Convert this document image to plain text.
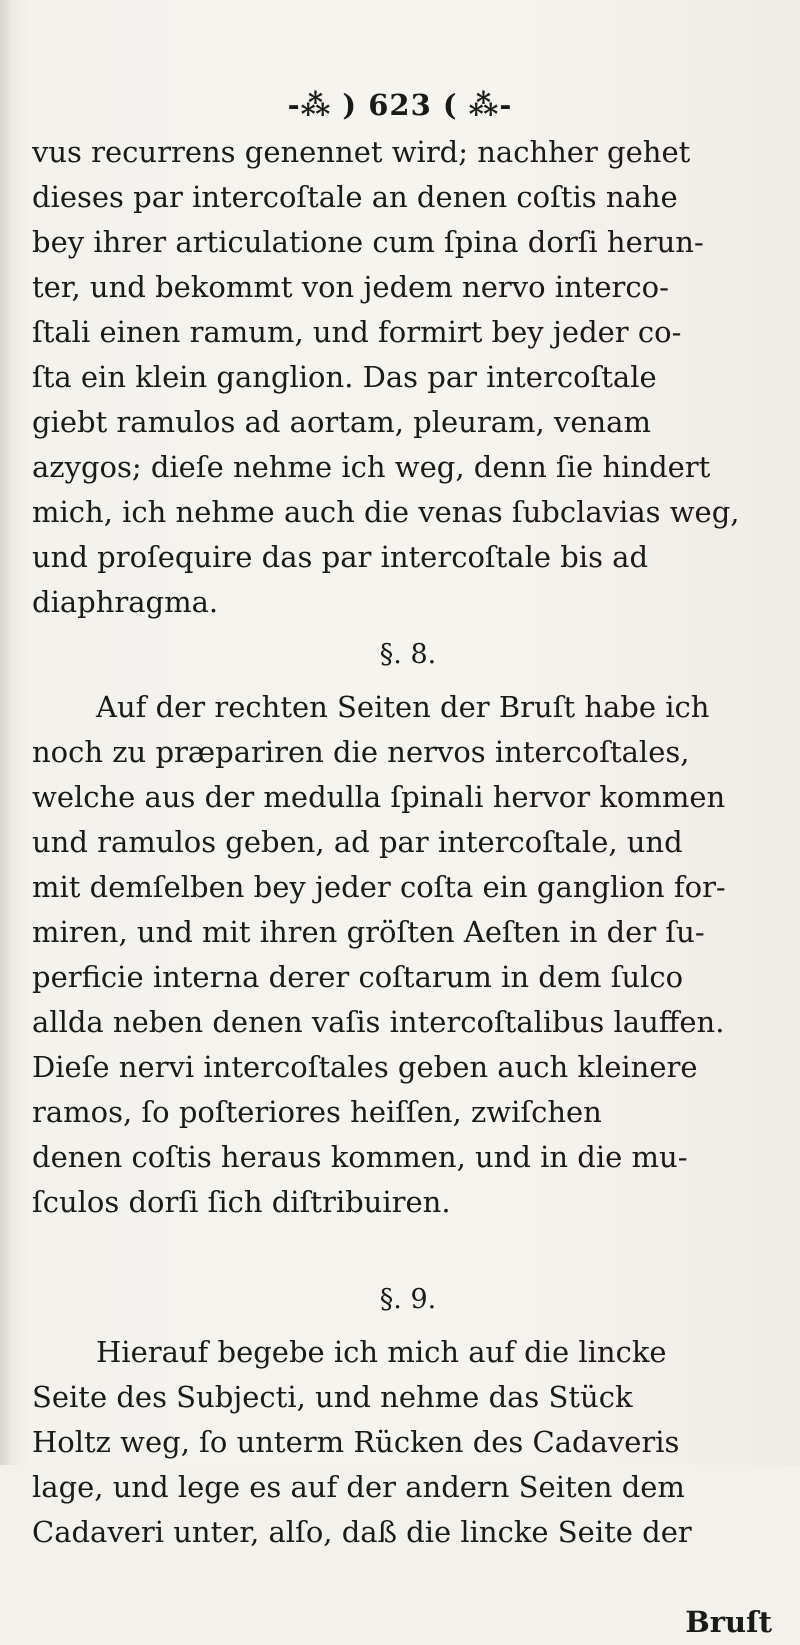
-⁂ ) 623 ( ⁂-
vus recurrens genennet wird; nachher gehet
dieses par intercoſtale an denen coſtis nahe
bey ihrer articulatione cum ſpina dorſi herun-
ter, und bekommt von jedem nervo interco-
ſtali einen ramum, und formirt bey jeder co-
ſta ein klein ganglion. Das par intercoſtale
giebt ramulos ad aortam, pleuram, venam
azygos; dieſe nehme ich weg, denn ſie hindert
mich, ich nehme auch die venas ſubclavias weg,
und proſequire das par intercoſtale bis ad
diaphragma.
§. 8.
Auf der rechten Seiten der Bruſt habe ich
noch zu præpariren die nervos intercoſtales,
welche aus der medulla ſpinali hervor kommen
und ramulos geben, ad par intercoſtale, und
mit demſelben bey jeder coſta ein ganglion for-
miren, und mit ihren gröſten Aeſten in der ſu-
perficie interna derer coſtarum in dem ſulco
allda neben denen vaſis intercoſtalibus lauffen.
Dieſe nervi intercoſtales geben auch kleinere
ramos, ſo poſteriores heiſſen, zwiſchen
denen coſtis heraus kommen, und in die mu-
ſculos dorſi ſich diſtribuiren.
§. 9.
Hierauf begebe ich mich auf die lincke
Seite des Subjecti, und nehme das Stück
Holtz weg, ſo unterm Rücken des Cadaveris
lage, und lege es auf der andern Seiten dem
Cadaveri unter, alſo, daß die lincke Seite der
Bruſt
